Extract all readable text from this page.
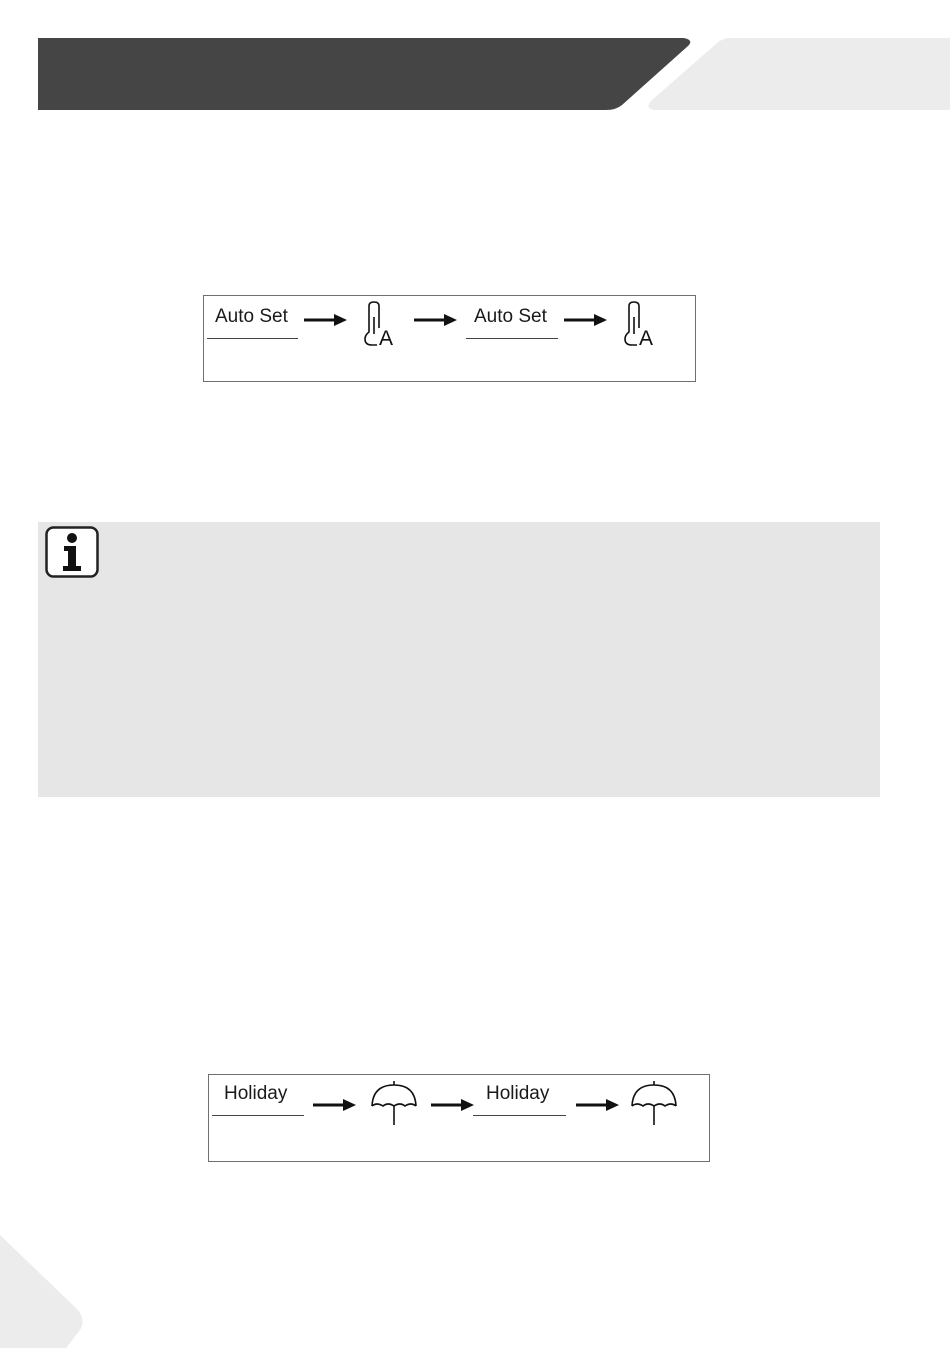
Auto Set
A
Auto Set
A
Holiday	Holiday
